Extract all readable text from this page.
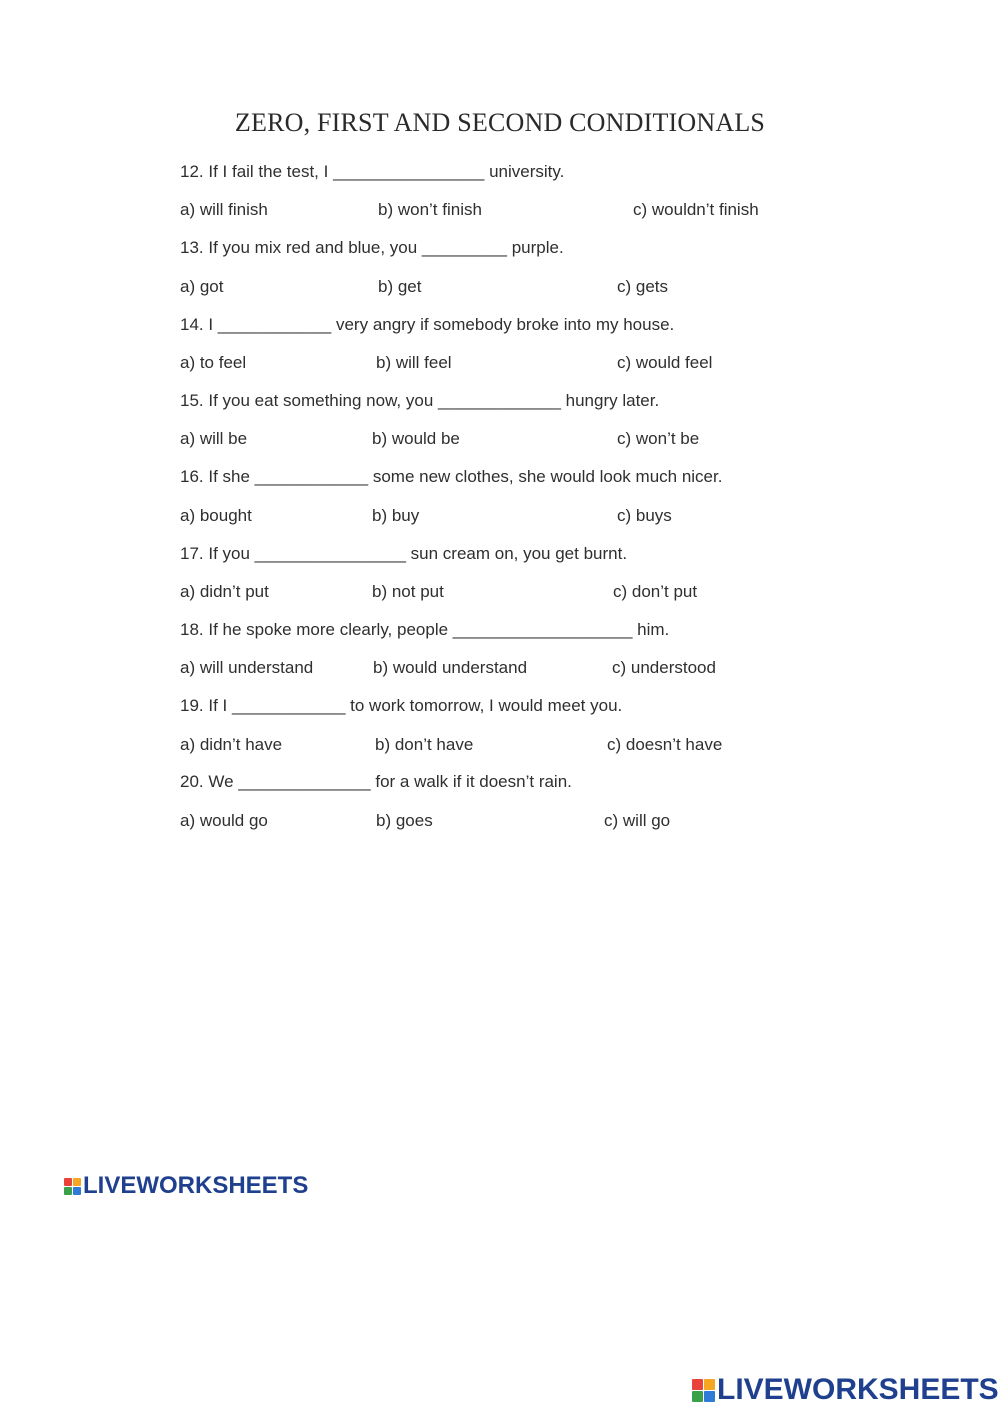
ZERO, FIRST AND SECOND CONDITIONALS
12. If I fail the test, I ________________ university.
a) will finish	b) won’t finish	c) wouldn’t finish
13. If you mix red and blue, you _________ purple.
a) got	b) get	c) gets
14. I ____________ very angry if somebody broke into my house.
a) to feel	b) will feel	c) would feel
15. If you eat something now, you _____________ hungry later.
a) will be	b) would be	c) won’t be
16. If she ____________ some new clothes, she would look much nicer.
a) bought	b) buy	c) buys
17. If you ________________ sun cream on, you get burnt.
a) didn’t put	b) not put	c) don’t put
18. If he spoke more clearly, people ___________________ him.
a) will understand	b) would understand	c) understood
19. If I ____________ to work tomorrow, I would meet you.
a) didn’t have	b) don’t have	c) doesn’t have
20. We ______________ for a walk if it doesn’t rain.
a) would go	b) goes	c) will go
LIVEWORKSHEETS
LIVEWORKSHEETS
